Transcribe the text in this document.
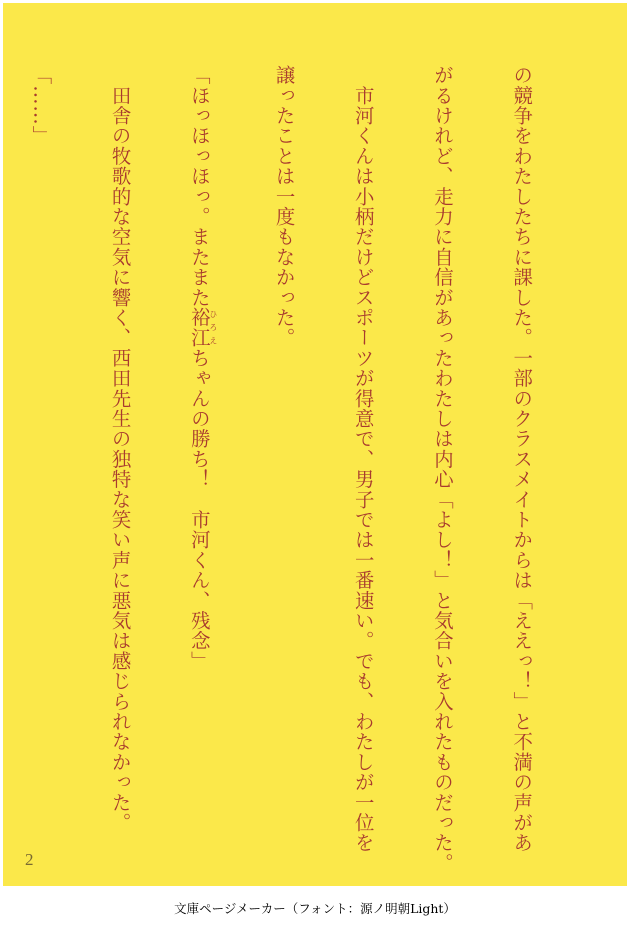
の競争をわたしたちに課した。一部のクラスメイトからは「ええっ！」と不満の声があ

がるけれど、走力に自信があったわたしは内心「よし！」と気合いを入れたものだった。

　市河くんは小柄だけどスポーツが得意で、男子では一番速い。でも、わたしが一位を

譲ったことは一度もなかった。

「ほっほっほっ。またまた裕江ひろえちゃんの勝ち！　市河くん、残念」

　田舎の牧歌的な空気に響く、西田先生の独特な笑い声に悪気は感じられなかった。

「……」

2
文庫ページメーカー（フォント：源ノ明朝Light）
